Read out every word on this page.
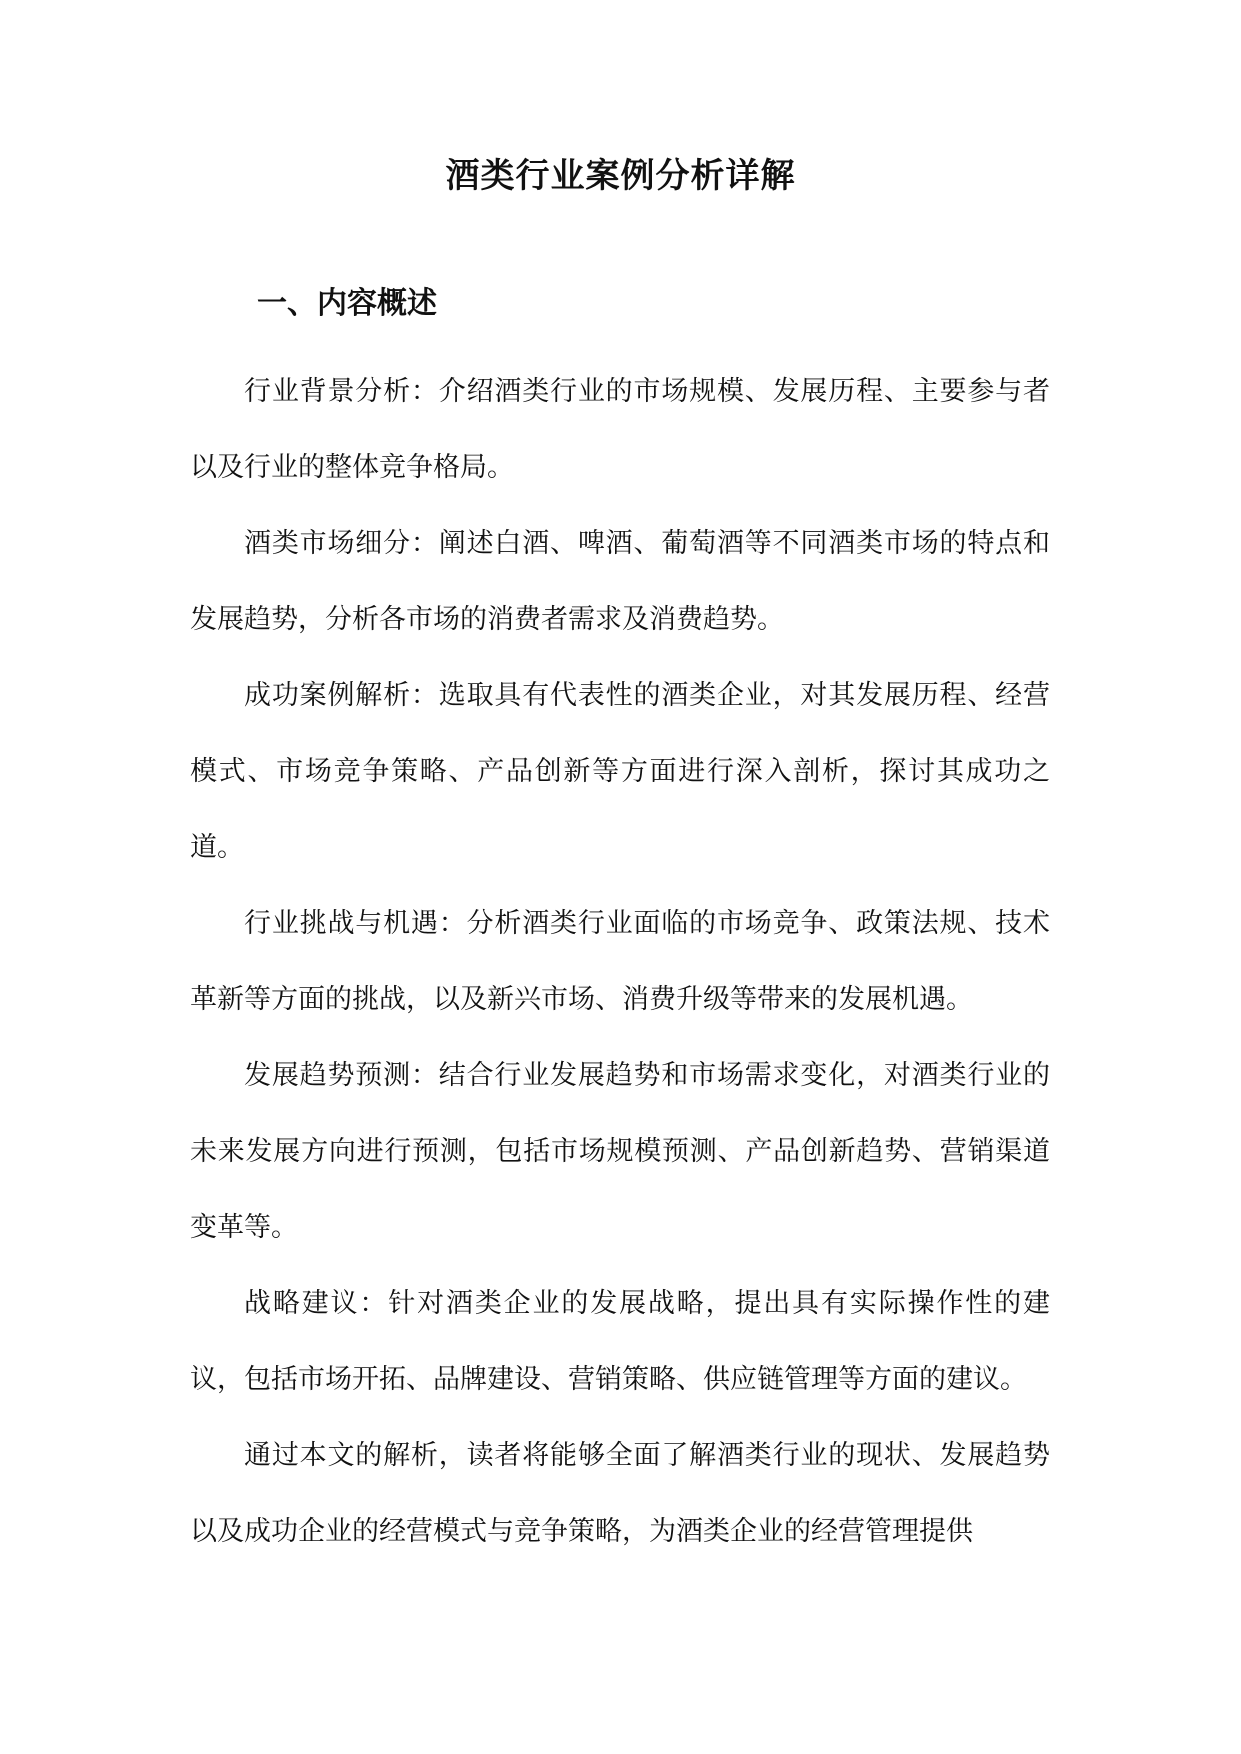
酒类行业案例分析详解
一、内容概述

行业背景分析：介绍酒类行业的市场规模、发展历程、主要参与者以及行业的整体竞争格局。

酒类市场细分：阐述白酒、啤酒、葡萄酒等不同酒类市场的特点和发展趋势，分析各市场的消费者需求及消费趋势。

成功案例解析：选取具有代表性的酒类企业，对其发展历程、经营模式、市场竞争策略、产品创新等方面进行深入剖析，探讨其成功之道。

行业挑战与机遇：分析酒类行业面临的市场竞争、政策法规、技术革新等方面的挑战，以及新兴市场、消费升级等带来的发展机遇。

发展趋势预测：结合行业发展趋势和市场需求变化，对酒类行业的未来发展方向进行预测，包括市场规模预测、产品创新趋势、营销渠道变革等。

战略建议：针对酒类企业的发展战略，提出具有实际操作性的建议，包括市场开拓、品牌建设、营销策略、供应链管理等方面的建议。

通过本文的解析，读者将能够全面了解酒类行业的现状、发展趋势以及成功企业的经营模式与竞争策略，为酒类企业的经营管理提供
